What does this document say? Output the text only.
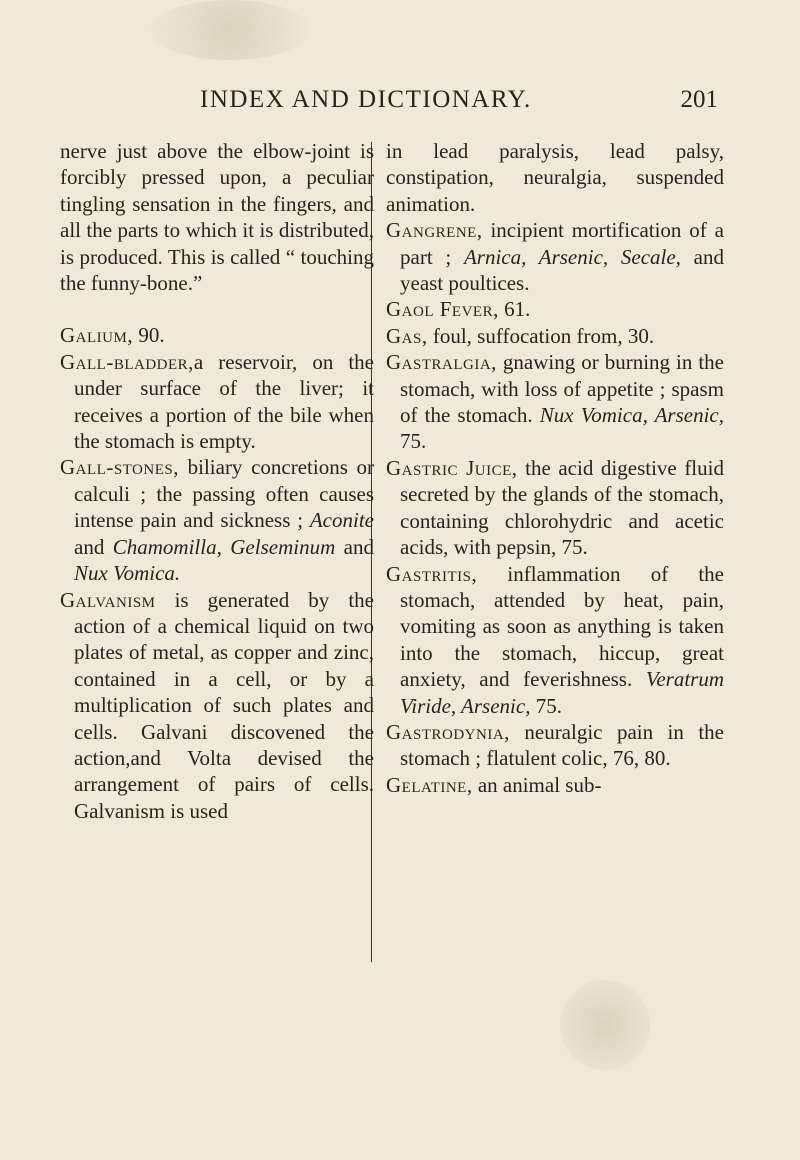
INDEX AND DICTIONARY.	201

nerve just above the elbow-joint is forcibly pressed upon, a peculiar tingling sensation in the fingers, and all the parts to which it is distributed, is produced. This is called “ touching the funny-bone.”

Galium, 90.

Gall-bladder,a reservoir, on the under surface of the liver; it receives a portion of the bile when the stomach is empty.

Gall-stones, biliary concretions or calculi ; the passing often causes intense pain and sickness ; Aconite and Chamomilla, Gelseminum and Nux Vomica.

Galvanism is generated by the action of a chemical liquid on two plates of metal, as copper and zinc, contained in a cell, or by a multiplication of such plates and cells. Galvani discovened the action,and Volta devised the arrangement of pairs of cells. Galvanism is used

in lead paralysis, lead palsy, constipation, neuralgia, suspended animation.

Gangrene, incipient mortification of a part ; Arnica, Arsenic, Secale, and yeast poultices.

Gaol Fever, 61.

Gas, foul, suffocation from, 30.

Gastralgia, gnawing or burning in the stomach, with loss of appetite ; spasm of the stomach. Nux Vomica, Arsenic, 75.

Gastric Juice, the acid digestive fluid secreted by the glands of the stomach, containing chlorohydric and acetic acids, with pepsin, 75.

Gastritis, inflammation of the stomach, attended by heat, pain, vomiting as soon as anything is taken into the stomach, hiccup, great anxiety, and feverishness. Veratrum Viride, Arsenic, 75.

Gastrodynia, neuralgic pain in the stomach ; flatulent colic, 76, 80.

Gelatine, an animal sub-
